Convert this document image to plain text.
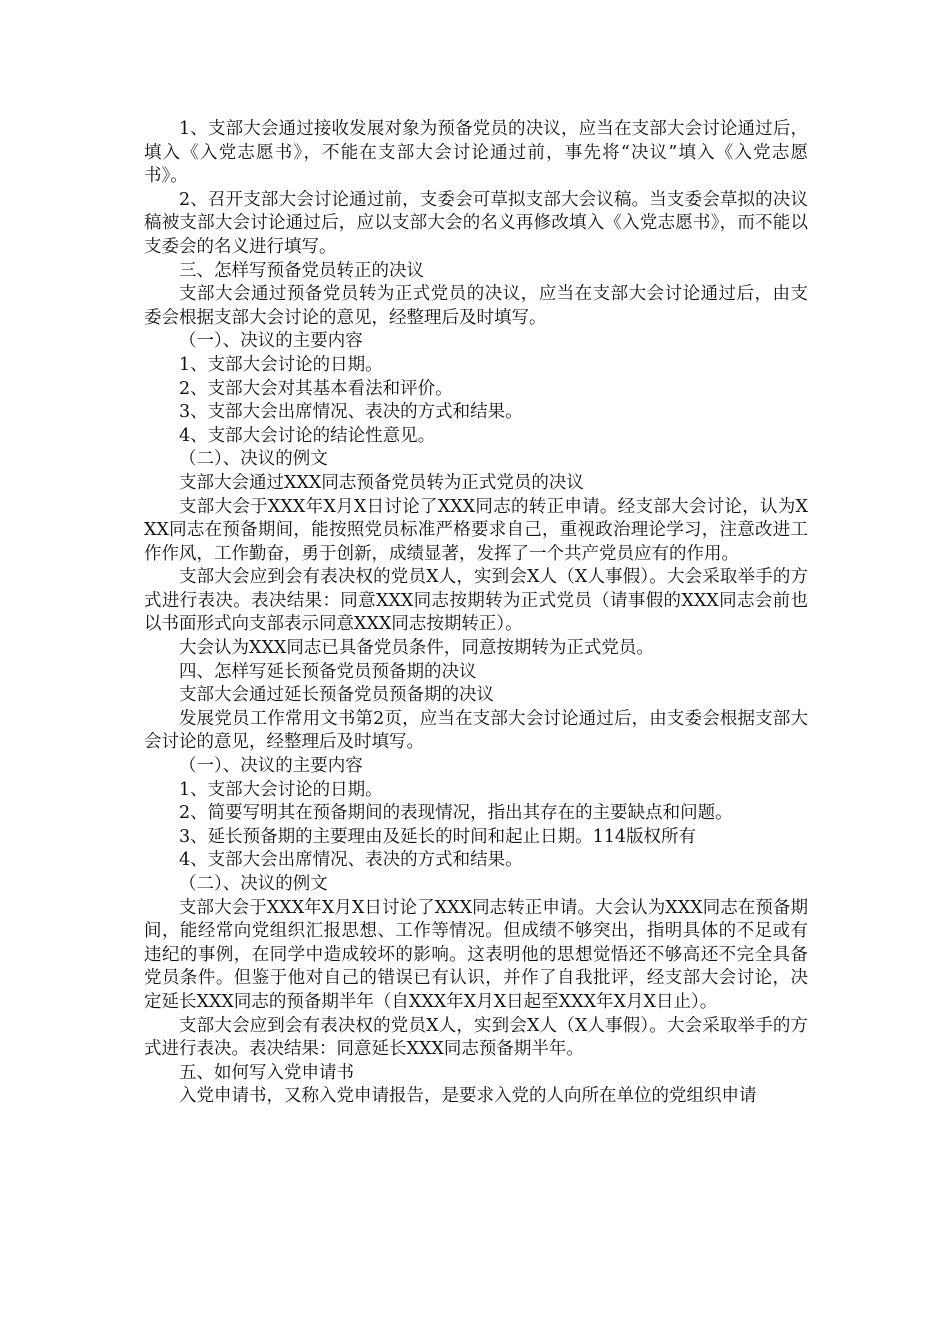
1、支部大会通过接收发展对象为预备党员的决议，应当在支部大会讨论通过后，填入《入党志愿书》，不能在支部大会讨论通过前，事先将“决议”填入《入党志愿书》。

2、召开支部大会讨论通过前，支委会可草拟支部大会议稿。当支委会草拟的决议稿被支部大会讨论通过后，应以支部大会的名义再修改填入《入党志愿书》，而不能以支委会的名义进行填写。

三、怎样写预备党员转正的决议

支部大会通过预备党员转为正式党员的决议，应当在支部大会讨论通过后，由支委会根据支部大会讨论的意见，经整理后及时填写。

（一）、决议的主要内容

1、支部大会讨论的日期。

2、支部大会对其基本看法和评价。

3、支部大会出席情况、表决的方式和结果。

4、支部大会讨论的结论性意见。

（二）、决议的例文

支部大会通过XXX同志预备党员转为正式党员的决议

支部大会于XXX年X月X日讨论了XXX同志的转正申请。经支部大会讨论，认为XXX同志在预备期间，能按照党员标准严格要求自己，重视政治理论学习，注意改进工作作风，工作勤奋，勇于创新，成绩显著，发挥了一个共产党员应有的作用。

支部大会应到会有表决权的党员X人，实到会X人（X人事假）。大会采取举手的方式进行表决。表决结果：同意XXX同志按期转为正式党员（请事假的XXX同志会前也以书面形式向支部表示同意XXX同志按期转正）。

大会认为XXX同志已具备党员条件，同意按期转为正式党员。

四、怎样写延长预备党员预备期的决议

支部大会通过延长预备党员预备期的决议

发展党员工作常用文书第2页，应当在支部大会讨论通过后，由支委会根据支部大会讨论的意见，经整理后及时填写。

（一）、决议的主要内容

1、支部大会讨论的日期。

2、简要写明其在预备期间的表现情况，指出其存在的主要缺点和问题。

3、延长预备期的主要理由及延长的时间和起止日期。114版权所有

4、支部大会出席情况、表决的方式和结果。

（二）、决议的例文

支部大会于XXX年X月X日讨论了XXX同志转正申请。大会认为XXX同志在预备期间，能经常向党组织汇报思想、工作等情况。但成绩不够突出，指明具体的不足或有违纪的事例，在同学中造成较坏的影响。这表明他的思想觉悟还不够高还不完全具备党员条件。但鉴于他对自己的错误已有认识，并作了自我批评，经支部大会讨论，决定延长XXX同志的预备期半年（自XXX年X月X日起至XXX年X月X日止）。

支部大会应到会有表决权的党员X人，实到会X人（X人事假）。大会采取举手的方式进行表决。表决结果：同意延长XXX同志预备期半年。

五、如何写入党申请书

入党申请书，又称入党申请报告，是要求入党的人向所在单位的党组织申请
